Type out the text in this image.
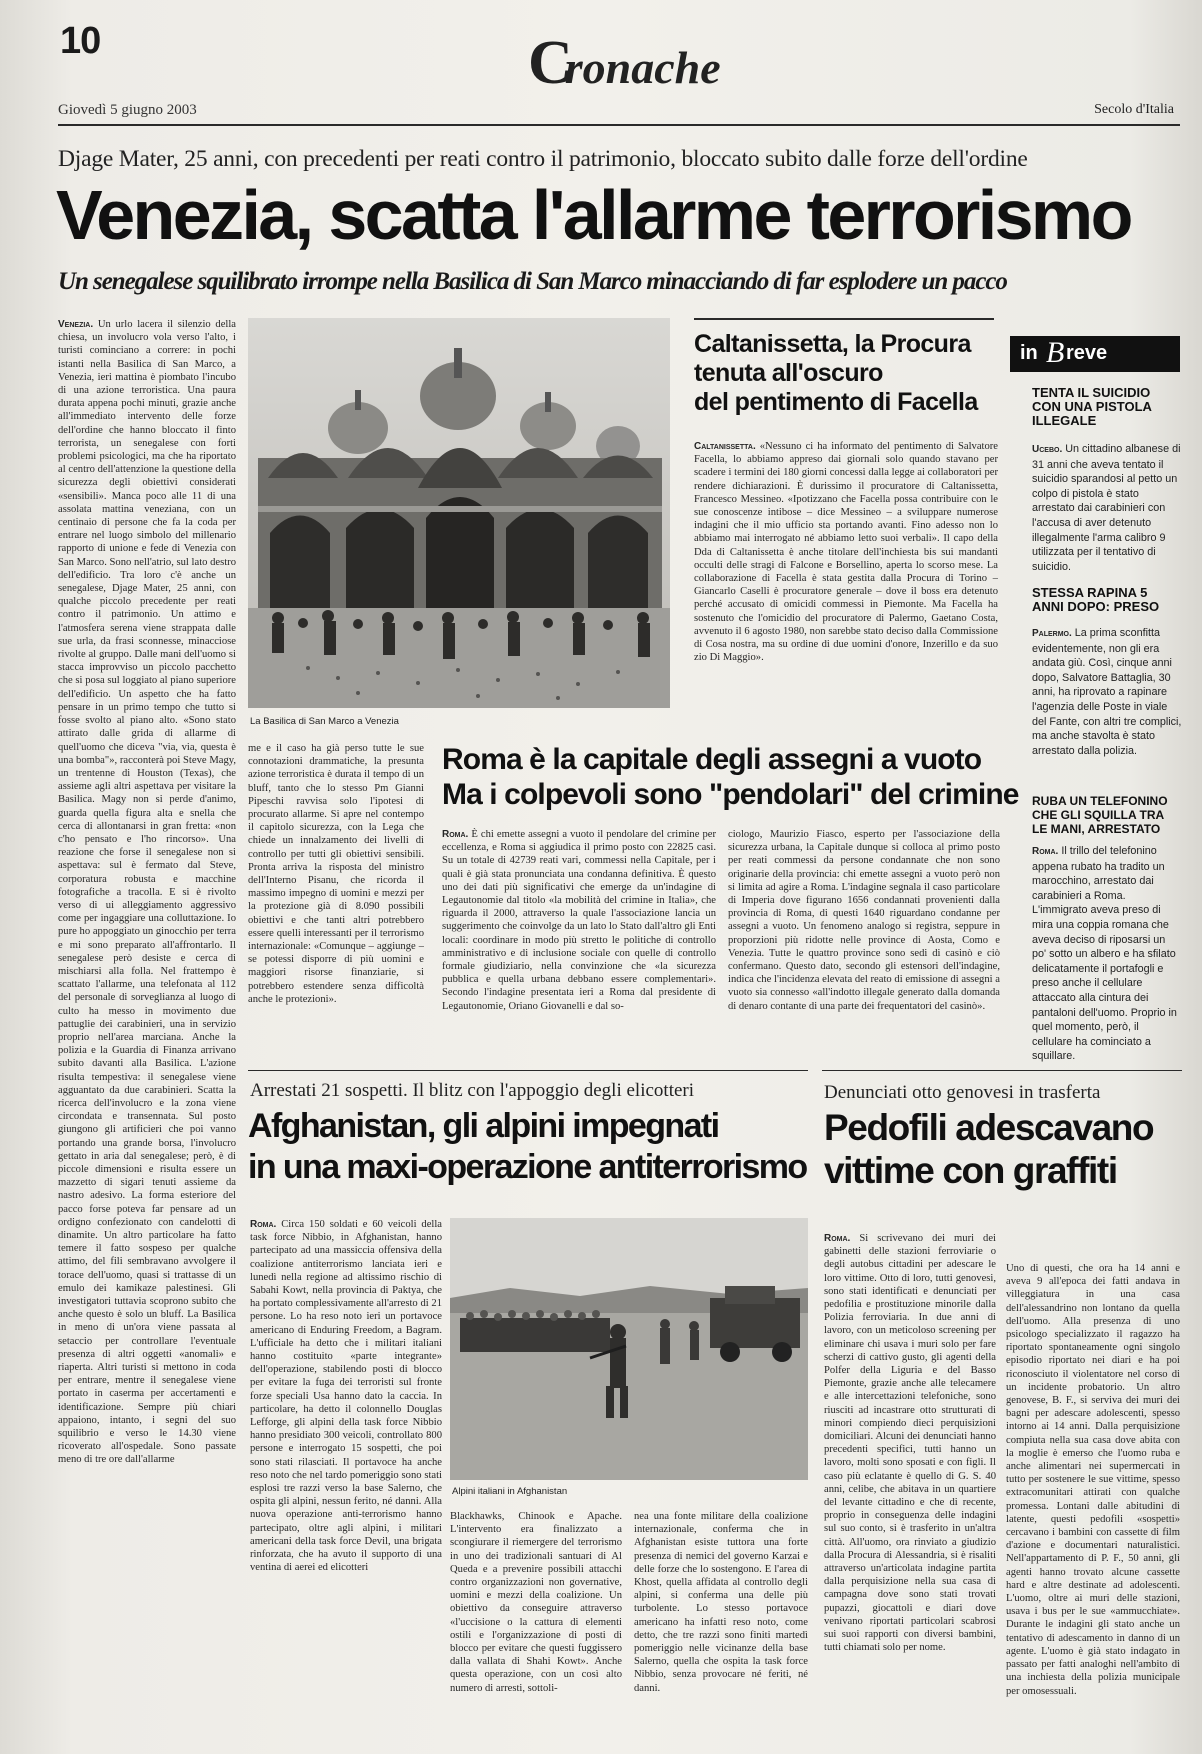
10	Cronache
Giovedì 5 giugno 2003	Secolo d'Italia
Djage Mater, 25 anni, con precedenti per reati contro il patrimonio, bloccato subito dalle forze dell'ordine
Venezia, scatta l'allarme terrorismo
Un senegalese squilibrato irrompe nella Basilica di San Marco minacciando di far esplodere un pacco

Venezia. Un urlo lacera il silenzio della chiesa, un involucro vola verso l'alto, i turisti cominciano a correre: in pochi istanti nella Basilica di San Marco, a Venezia, ieri mattina è piombato l'incubo di una azione terroristica. Una paura durata appena pochi minuti, grazie anche all'immediato intervento delle forze dell'ordine che hanno bloccato il finto terrorista, un senegalese con forti problemi psicologici, ma che ha riportato al centro dell'attenzione la questione della sicurezza degli obiettivi considerati «sensibili». Manca poco alle 11 di una assolata mattina veneziana, con un centinaio di persone che fa la coda per entrare nel luogo simbolo del millenario rapporto di unione e fede di Venezia con San Marco. Sono nell'atrio, sul lato destro dell'edificio. Tra loro c'è anche un senegalese, Djage Mater, 25 anni, con qualche piccolo precedente per reati contro il patrimonio. Un attimo e l'atmosfera serena viene strappata dalle sue urla, da frasi sconnesse, minacciose rivolte al gruppo. Dalle mani dell'uomo si stacca improvviso un piccolo pacchetto che si posa sul loggiato al piano superiore dell'edificio. Un aspetto che ha fatto pensare in un primo tempo che tutto si fosse svolto al piano alto. «Sono stato attirato dalle grida di allarme di quell'uomo che diceva "via, via, questa è una bomba"», racconterà poi Steve Magy, un trentenne di Houston (Texas), che assieme agli altri aspettava per visitare la Basilica. Magy non si perde d'animo, guarda quella figura alta e snella che cerca di allontanarsi in gran fretta: «non c'ho pensato e l'ho rincorso». Una reazione che forse il senegalese non si aspettava: sul è fermato dal Steve, corporatura robusta e macchine fotografiche a tracolla. E si è rivolto verso di ui alleggiamento aggressivo come per ingaggiare una colluttazione. Io pure ho appoggiato un ginocchio per terra e mi sono preparato all'affrontarlo. Il senegalese però desiste e cerca di mischiarsi alla folla. Nel frattempo è scattato l'allarme, una telefonata al 112 del personale di sorveglianza al luogo di culto ha messo in movimento due pattuglie dei carabinieri, una in servizio proprio nell'area marciana. Anche la polizia e la Guardia di Finanza arrivano subito davanti alla Basilica. L'azione risulta tempestiva: il senegalese viene agguantato da due carabinieri. Scatta la ricerca dell'involucro e la zona viene circondata e transennata. Sul posto giungono gli artificieri che poi vanno portando una grande borsa, l'involucro gettato in aria dal senegalese; però, è di piccole dimensioni e risulta essere un mazzetto di sigari tenuti assieme da nastro adesivo. La forma esteriore del pacco forse poteva far pensare ad un ordigno confezionato con candelotti di dinamite. Un altro particolare ha fatto temere il fatto sospeso per qualche attimo, del fili sembravano avvolgere il torace dell'uomo, quasi si trattasse di un emulo dei kamikaze palestinesi. Gli investigatori tuttavia scoprono subito che anche questo è solo un bluff. La Basilica in meno di un'ora viene passata al setaccio per controllare l'eventuale presenza di altri oggetti «anomali» e riaperta. Altri turisti si mettono in coda per entrare, mentre il senegalese viene portato in caserma per accertamenti e identificazione. Sempre più chiari appaiono, intanto, i segni del suo squilibrio e verso le 14.30 viene ricoverato all'ospedale. Sono passate meno di tre ore dall'allarme

La Basilica di San Marco a Venezia

me e il caso ha già perso tutte le sue connotazioni drammatiche, la presunta azione terroristica è durata il tempo di un bluff, tanto che lo stesso Pm Gianni Pipeschi ravvisa solo l'ipotesi di procurato allarme. Si apre nel contempo il capitolo sicurezza, con la Lega che chiede un innalzamento dei livelli di controllo per tutti gli obiettivi sensibili. Pronta arriva la risposta del ministro dell'Interno Pisanu, che ricorda il massimo impegno di uomini e mezzi per la protezione già di 8.090 possibili obiettivi e che tanti altri potrebbero essere quelli interessanti per il terrorismo internazionale: «Comunque – aggiunge – se potessi disporre di più uomini e maggiori risorse finanziarie, si potrebbero estendere senza difficoltà anche le protezioni».

Caltanissetta, la Procura
tenuta all'oscuro
del pentimento di Facella

Caltanissetta. «Nessuno ci ha informato del pentimento di Salvatore Facella, lo abbiamo appreso dai giornali solo quando stavano per scadere i termini dei 180 giorni concessi dalla legge ai collaboratori per rendere dichiarazioni. È durissimo il procuratore di Caltanissetta, Francesco Messineo. «Ipotizzano che Facella possa contribuire con le sue conoscenze intibose – dice Messineo – a sviluppare numerose indagini che il mio ufficio sta portando avanti. Fino adesso non lo abbiamo mai interrogato né abbiamo letto suoi verbali». Il capo della Dda di Caltanissetta è anche titolare dell'inchiesta bis sui mandanti occulti delle stragi di Falcone e Borsellino, aperta lo scorso mese. La collaborazione di Facella è stata gestita dalla Procura di Torino – Giancarlo Caselli è procuratore generale – dove il boss era detenuto perché accusato di omicidi commessi in Piemonte. Ma Facella ha sostenuto che l'omicidio del procuratore di Palermo, Gaetano Costa, avvenuto il 6 agosto 1980, non sarebbe stato deciso dalla Commissione di Cosa nostra, ma su ordine di due uomini d'onore, Inzerillo e da suo zio Di Maggio».

Roma è la capitale degli assegni a vuoto
Ma i colpevoli sono "pendolari" del crimine

Roma. È chi emette assegni a vuoto il pendolare del crimine per eccellenza, e Roma si aggiudica il primo posto con 22825 casi. Su un totale di 42739 reati vari, commessi nella Capitale, per i quali è già stata pronunciata una condanna definitiva. È questo uno dei dati più significativi che emerge da un'indagine di Legautonomie dal titolo «la mobilità del crimine in Italia», che riguarda il 2000, attraverso la quale l'associazione lancia un suggerimento che coinvolge da un lato lo Stato dall'altro gli Enti locali: coordinare in modo più stretto le politiche di controllo amministrativo e di inclusione sociale con quelle di controllo formale giudiziario, nella convinzione che «la sicurezza pubblica e quella urbana debbano essere complementari». Secondo l'indagine presentata ieri a Roma dal presidente di Legautonomie, Oriano Giovanelli e dal so-

ciologo, Maurizio Fiasco, esperto per l'associazione della sicurezza urbana, la Capitale dunque si colloca al primo posto per reati commessi da persone condannate che non sono originarie della provincia: chi emette assegni a vuoto però non si limita ad agire a Roma. L'indagine segnala il caso particolare di Imperia dove figurano 1656 condannati provenienti dalla provincia di Roma, di questi 1640 riguardano condanne per assegni a vuoto. Un fenomeno analogo si registra, seppure in proporzioni più ridotte nelle province di Aosta, Como e Venezia. Tutte le quattro province sono sedi di casinò e ciò confermano. Questo dato, secondo gli estensori dell'indagine, indica che l'incidenza elevata del reato di emissione di assegni a vuoto sia connesso «all'indotto illegale generato dalla domanda di denaro contante di una parte dei frequentatori del casinò».

in B reve
TENTA IL SUICIDIO CON UNA PISTOLA ILLEGALE
Ucebo. Un cittadino albanese di 31 anni che aveva tentato il suicidio sparandosi al petto un colpo di pistola è stato arrestato dai carabinieri con l'accusa di aver detenuto illegalmente l'arma calibro 9 utilizzata per il tentativo di suicidio.
STESSA RAPINA 5 ANNI DOPO: PRESO
Palermo. La prima sconfitta evidentemente, non gli era andata giù. Così, cinque anni dopo, Salvatore Battaglia, 30 anni, ha riprovato a rapinare l'agenzia delle Poste in viale del Fante, con altri tre complici, ma anche stavolta è stato arrestato dalla polizia.
RUBA UN TELEFONINO CHE GLI SQUILLA TRA LE MANI, ARRESTATO
Roma. Il trillo del telefonino appena rubato ha tradito un marocchino, arrestato dai carabinieri a Roma. L'immigrato aveva preso di mira una coppia romana che aveva deciso di riposarsi un po' sotto un albero e ha sfilato delicatamente il portafogli e preso anche il cellulare attaccato alla cintura dei pantaloni dell'uomo. Proprio in quel momento, però, il cellulare ha cominciato a squillare.
Arrestati 21 sospetti. Il blitz con l'appoggio degli elicotteri
Afghanistan, gli alpini impegnati
in una maxi-operazione antiterrorismo

Roma. Circa 150 soldati e 60 veicoli della task force Nibbio, in Afghanistan, hanno partecipato ad una massiccia offensiva della coalizione antiterrorismo lanciata ieri e lunedì nella regione ad altissimo rischio di Sabahi Kowt, nella provincia di Paktya, che ha portato complessivamente all'arresto di 21 persone. Lo ha reso noto ieri un portavoce americano di Enduring Freedom, a Bagram. L'ufficiale ha detto che i militari italiani hanno costituito «parte integrante» dell'operazione, stabilendo posti di blocco per evitare la fuga dei terroristi sul fronte forze speciali Usa hanno dato la caccia. In particolare, ha detto il colonnello Douglas Lefforge, gli alpini della task force Nibbio hanno presidiato 300 veicoli, controllato 800 persone e interrogato 15 sospetti, che poi sono stati rilasciati. Il portavoce ha anche reso noto che nel tardo pomeriggio sono stati esplosi tre razzi verso la base Salerno, che ospita gli alpini, nessun ferito, né danni. Alla nuova operazione anti-terrorismo hanno partecipato, oltre agli alpini, i militari americani della task force Devil, una brigata rinforzata, che ha avuto il supporto di una ventina di aerei ed elicotteri

Alpini italiani in Afghanistan

Blackhawks, Chinook e Apache. L'intervento era finalizzato a scongiurare il riemergere del terrorismo in uno dei tradizionali santuari di Al Queda e a prevenire possibili attacchi contro organizzazioni non governative, uomini e mezzi della coalizione. Un obiettivo da conseguire attraverso «l'uccisione o la cattura di elementi ostili e l'organizzazione di posti di blocco per evitare che questi fuggissero dalla vallata di Shahi Kowt». Anche questa operazione, con un così alto numero di arresti, sottoli-

nea una fonte militare della coalizione internazionale, conferma che in Afghanistan esiste tuttora una forte presenza di nemici del governo Karzai e delle forze che lo sostengono. E l'area di Khost, quella affidata al controllo degli alpini, si conferma una delle più turbolente. Lo stesso portavoce americano ha infatti reso noto, come detto, che tre razzi sono finiti martedì pomeriggio nelle vicinanze della base Salerno, quella che ospita la task force Nibbio, senza provocare né feriti, né danni.

Denunciati otto genovesi in trasferta
Pedofili adescavano
vittime con graffiti

Roma. Si scrivevano dei muri dei gabinetti delle stazioni ferroviarie o degli autobus cittadini per adescare le loro vittime. Otto di loro, tutti genovesi, sono stati identificati e denunciati per pedofilia e prostituzione minorile dalla Polizia ferroviaria. In due anni di lavoro, con un meticoloso screening per eliminare chi usava i muri solo per fare scherzi di cattivo gusto, gli agenti della Polfer della Liguria e del Basso Piemonte, grazie anche alle telecamere e alle intercettazioni telefoniche, sono riusciti ad incastrare otto strutturati di minori compiendo dieci perquisizioni domiciliari. Alcuni dei denunciati hanno precedenti specifici, tutti hanno un lavoro, molti sono sposati e con figli. Il caso più eclatante è quello di G. S. 40 anni, celibe, che abitava in un quartiere del levante cittadino e che di recente, proprio in conseguenza delle indagini sul suo conto, si è trasferito in un'altra città. All'uomo, ora rinviato a giudizio dalla Procura di Alessandria, si è risaliti attraverso un'articolata indagine partita dalla perquisizione nella sua casa di campagna dove sono stati trovati pupazzi, giocattoli e diari dove venivano riportati particolari scabrosi sui suoi rapporti con diversi bambini, tutti chiamati solo per nome.

Uno di questi, che ora ha 14 anni e aveva 9 all'epoca dei fatti andava in villeggiatura in una casa dell'alessandrino non lontano da quella dell'uomo. Alla presenza di uno psicologo specializzato il ragazzo ha riportato spontaneamente ogni singolo episodio riportato nei diari e ha poi riconosciuto il violentatore nel corso di un incidente probatorio. Un altro genovese, B. F., si serviva dei muri dei bagni per adescare adolescenti, spesso intorno ai 14 anni. Dalla perquisizione compiuta nella sua casa dove abita con la moglie è emerso che l'uomo ruba e anche alimentari nei supermercati in tutto per sostenere le sue vittime, spesso extracomunitari attirati con qualche promessa. Lontani dalle abitudini di latente, questi pedofili «sospetti» cercavano i bambini con cassette di film d'azione e documentari naturalistici. Nell'appartamento di P. F., 50 anni, gli agenti hanno trovato alcune cassette hard e altre destinate ad adolescenti. L'uomo, oltre ai muri delle stazioni, usava i bus per le sue «ammucchiate». Durante le indagini gli stato anche un tentativo di adescamento in danno di un agente. L'uomo è già stato indagato in passato per fatti analoghi nell'ambito di una inchiesta della polizia municipale per omosessuali.
